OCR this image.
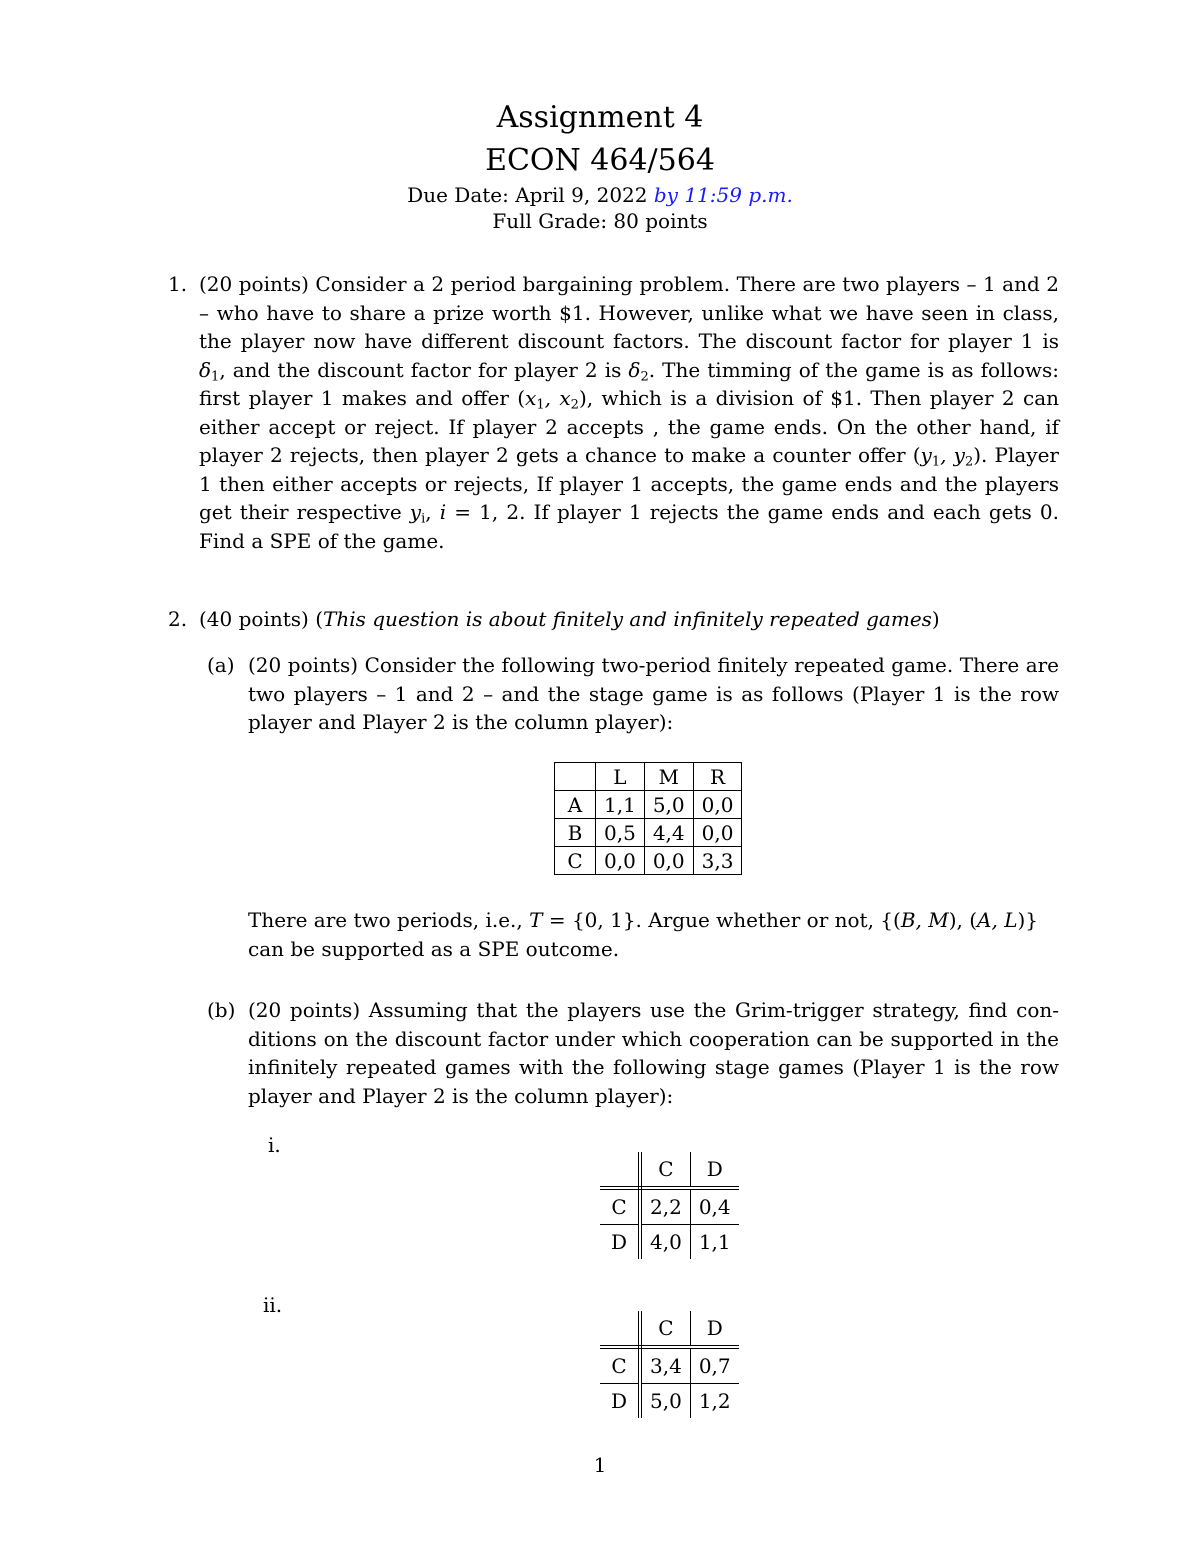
Assignment 4
ECON 464/564
Due Date: April 9, 2022 by 11:59 p.m.
Full Grade: 80 points
1. (20 points) Consider a 2 period bargaining problem. There are two players – 1 and 2 – who have to share a prize worth $1. However, unlike what we have seen in class, the player now have different discount factors. The discount factor for player 1 is $\delta_1$, and the discount factor for player 2 is $\delta_2$. The timming of the game is as follows: first player 1 makes and offer ($x_1$, $x_2$), which is a division of $1. Then player 2 can either accept or reject. If player 2 accepts , the game ends. On the other hand, if player 2 rejects, then player 2 gets a chance to make a counter offer ($y_1$, $y_2$). Player 1 then either accepts or rejects, If player 1 accepts, the game ends and the players get their respective $y_i$, i = 1, 2. If player 1 rejects the game ends and each gets 0. Find a SPE of the game.

2. (40 points) (This question is about finitely and infinitely repeated games)
(a) (20 points) Consider the following two-period finitely repeated game. There are two players – 1 and 2 – and the stage game is as follows (Player 1 is the row player and Player 2 is the column player):

	L	M	R
A	1,1	5,0	0,0
B	0,5	4,4	0,0
C	0,0	0,0	3,3

There are two periods, i.e., T = {0, 1}. Argue whether or not, {(B, M), (A, L)}
can be supported as a SPE outcome.

(b) (20 points) Assuming that the players use the Grim-trigger strategy, find con-ditions on the discount factor under which cooperation can be supported in the infinitely repeated games with the following stage games (Player 1 is the row player and Player 2 is the column player):

i.
	C	D
C	2,2	0,4
D	4,0	1,1
ii.
	C	D
C	3,4	0,7
D	5,0	1,2
1
